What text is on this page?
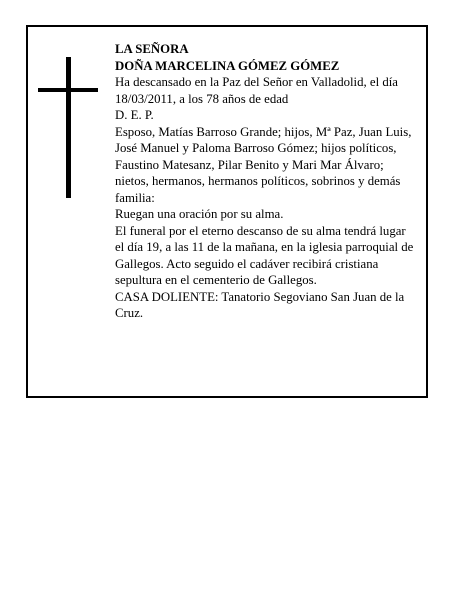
LA SEÑORA
DOÑA MARCELINA GÓMEZ GÓMEZ
Ha descansado en la Paz del Señor en Valladolid, el día 18/03/2011, a los 78 años de edad
D. E. P.
Esposo, Matías Barroso Grande; hijos, Mª Paz, Juan Luis, José Manuel y Paloma Barroso Gómez; hijos políticos, Faustino Matesanz, Pilar Benito y Mari Mar Álvaro; nietos, hermanos, hermanos políticos, sobrinos y demás familia:
Ruegan una oración por su alma.
El funeral por el eterno descanso de su alma tendrá lugar el día 19, a las 11 de la mañana, en la iglesia parroquial de Gallegos. Acto seguido el cadáver recibirá cristiana sepultura en el cementerio de Gallegos.
CASA DOLIENTE: Tanatorio Segoviano San Juan de la Cruz.
